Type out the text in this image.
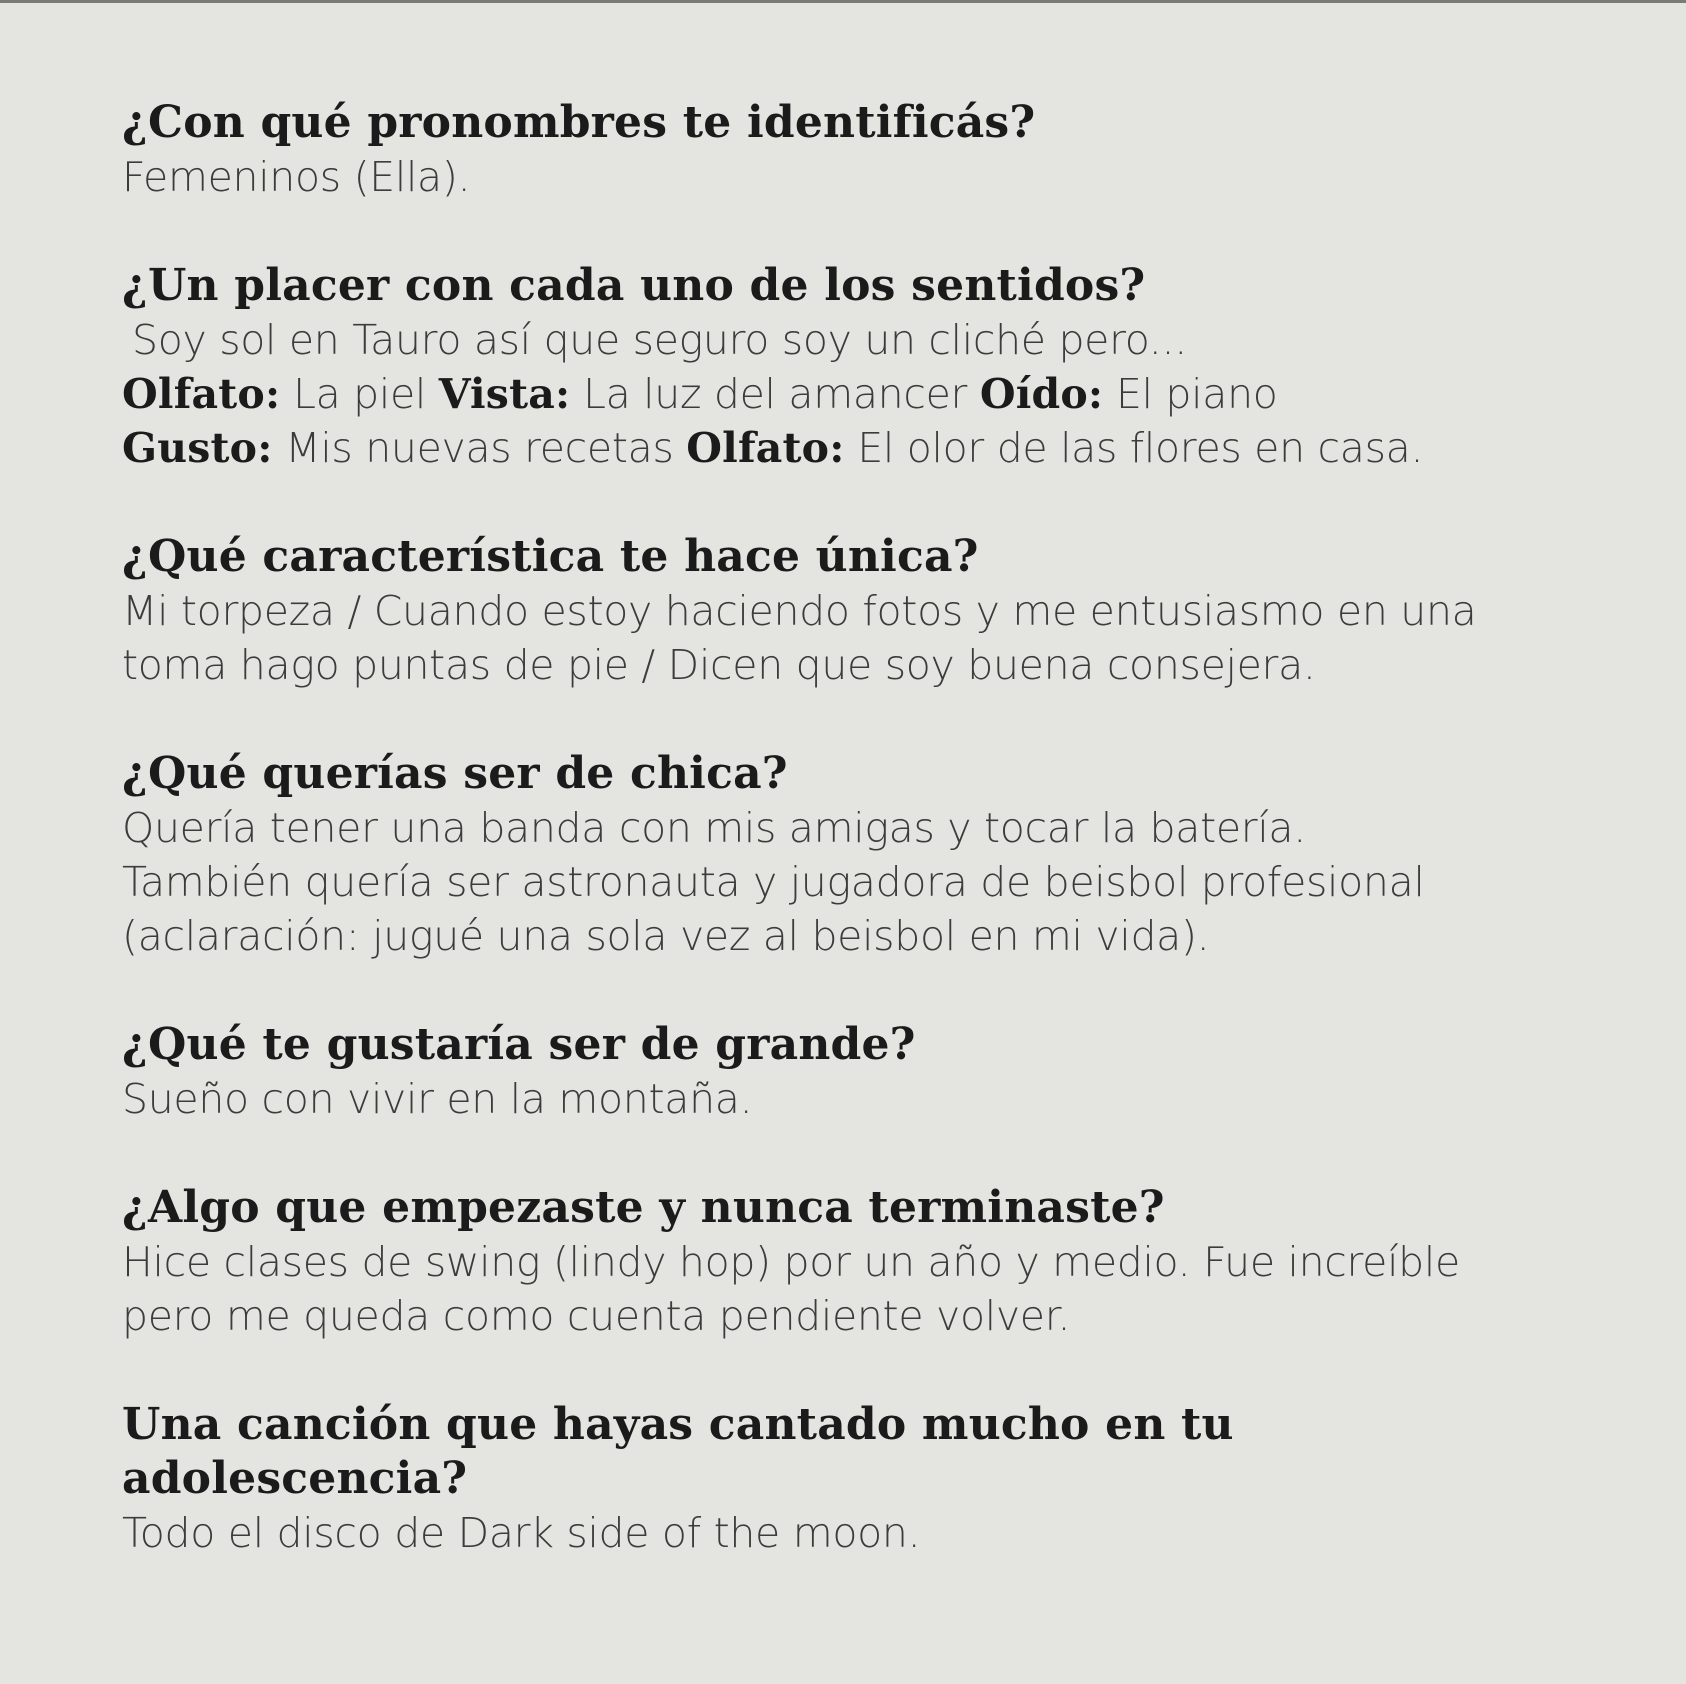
¿Con qué pronombres te identificás?

Femeninos (Ella).

¿Un placer con cada uno de los sentidos?

Soy sol en Tauro así que seguro soy un cliché pero...

Olfato: La piel Vista: La luz del amancer Oído: El piano

Gusto: Mis nuevas recetas Olfato: El olor de las flores en casa.

¿Qué característica te hace única?

Mi torpeza / Cuando estoy haciendo fotos y me entusiasmo en una

toma hago puntas de pie / Dicen que soy buena consejera.

¿Qué querías ser de chica?

Quería tener una banda con mis amigas y tocar la batería.

También quería ser astronauta y jugadora de beisbol profesional

(aclaración: jugué una sola vez al beisbol en mi vida).

¿Qué te gustaría ser de grande?

Sueño con vivir en la montaña.

¿Algo que empezaste y nunca terminaste?

Hice clases de swing (lindy hop) por un año y medio. Fue increíble

pero me queda como cuenta pendiente volver.

Una canción que hayas cantado mucho en tu

adolescencia?

Todo el disco de Dark side of the moon.
